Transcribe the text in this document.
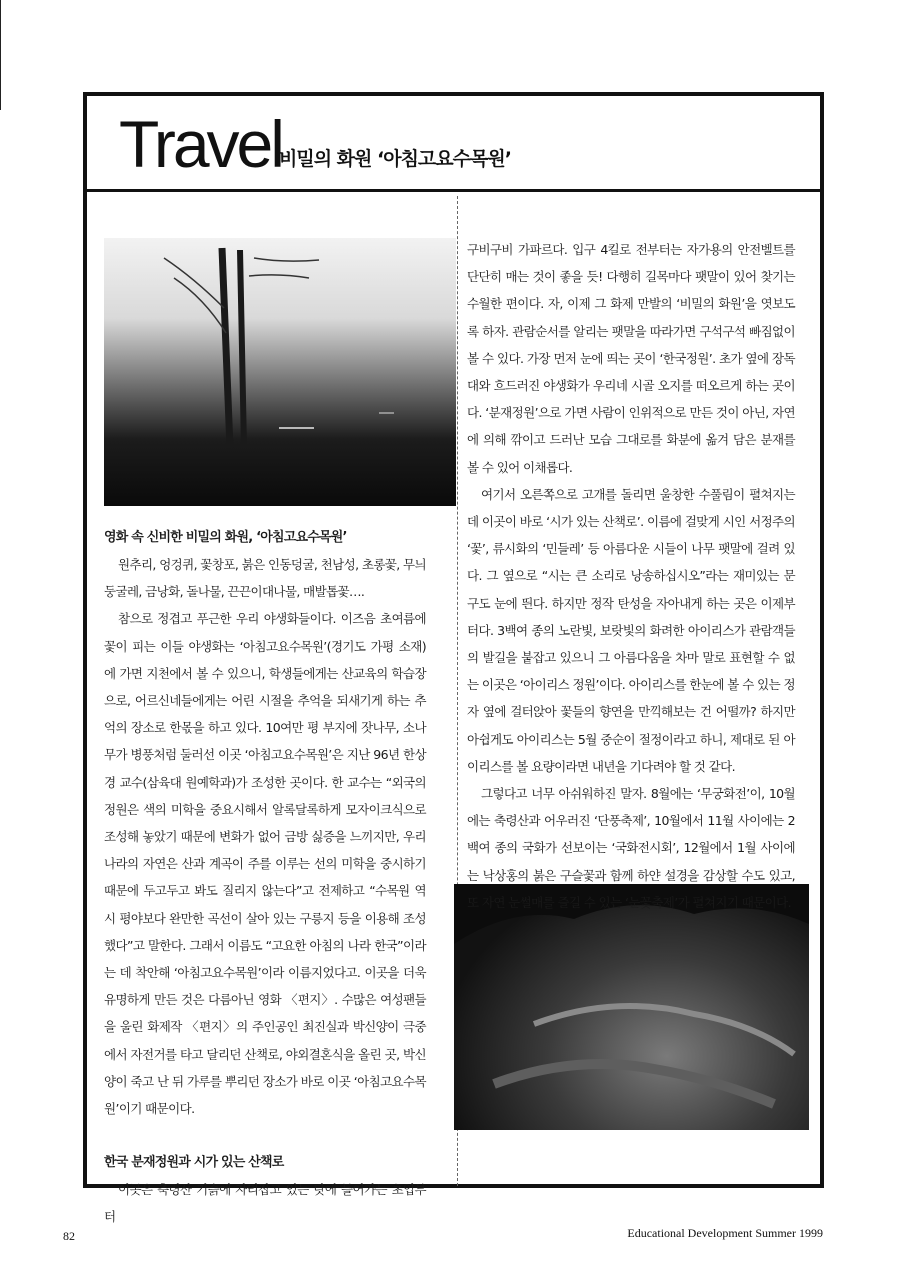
Travel
비밀의 화원 ‘아침고요수목원’
영화 속 신비한 비밀의 화원, ‘아침고요수목원’

원추리, 엉겅퀴, 꽃창포, 붉은 인동덩굴, 천남성, 초롱꽃, 무늬둥굴레, 금낭화, 돌나물, 끈끈이대나물, 매발톱꽃….

참으로 정겹고 푸근한 우리 야생화들이다. 이즈음 초여름에 꽃이 피는 이들 야생화는 ‘아침고요수목원’(경기도 가평 소재)에 가면 지천에서 볼 수 있으니, 학생들에게는 산교육의 학습장으로, 어르신네들에게는 어린 시절을 추억을 되새기게 하는 추억의 장소로 한몫을 하고 있다. 10여만 평 부지에 잣나무, 소나무가 병풍처럼 둘러선 이곳 ‘아침고요수목원’은 지난 96년 한상경 교수(삼육대 원예학과)가 조성한 곳이다. 한 교수는 “외국의 정원은 색의 미학을 중요시해서 알록달록하게 모자이크식으로 조성해 놓았기 때문에 변화가 없어 금방 싫증을 느끼지만, 우리나라의 자연은 산과 계곡이 주를 이루는 선의 미학을 중시하기 때문에 두고두고 봐도 질리지 않는다”고 전제하고 “수목원 역시 평야보다 완만한 곡선이 살아 있는 구릉지 등을 이용해 조성했다”고 말한다. 그래서 이름도 “고요한 아침의 나라 한국”이라는 데 착안해 ‘아침고요수목원’이라 이름지었다고. 이곳을 더욱 유명하게 만든 것은 다름아닌 영화 〈편지〉. 수많은 여성팬들을 울린 화제작 〈편지〉의 주인공인 최진실과 박신양이 극중에서 자전거를 타고 달리던 산책로, 야외결혼식을 올린 곳, 박신양이 죽고 난 뒤 가루를 뿌리던 장소가 바로 이곳 ‘아침고요수목원’이기 때문이다.

한국 분재정원과 시가 있는 산책로

이곳은 축령산 기슭에 자리잡고 있는 탓에 들어가는 초입부터

구비구비 가파르다. 입구 4킬로 전부터는 자가용의 안전벨트를 단단히 매는 것이 좋을 듯! 다행히 길목마다 팻말이 있어 찾기는 수월한 편이다. 자, 이제 그 화제 만발의 ‘비밀의 화원’을 엿보도록 하자. 관람순서를 알리는 팻말을 따라가면 구석구석 빠짐없이 볼 수 있다. 가장 먼저 눈에 띄는 곳이 ‘한국정원’. 초가 옆에 장독대와 흐드러진 야생화가 우리네 시골 오지를 떠오르게 하는 곳이다. ‘분재정원’으로 가면 사람이 인위적으로 만든 것이 아닌, 자연에 의해 깎이고 드러난 모습 그대로를 화분에 옮겨 담은 분재를 볼 수 있어 이채롭다.

여기서 오른쪽으로 고개를 돌리면 울창한 수풀림이 펼쳐지는데 이곳이 바로 ‘시가 있는 산책로’. 이름에 걸맞게 시인 서정주의 ‘꽃’, 류시화의 ‘민들레’ 등 아름다운 시들이 나무 팻말에 걸려 있다. 그 옆으로 “시는 큰 소리로 낭송하십시오”라는 재미있는 문구도 눈에 띈다. 하지만 정작 탄성을 자아내게 하는 곳은 이제부터다. 3백여 종의 노란빛, 보랏빛의 화려한 아이리스가 관람객들의 발길을 붙잡고 있으니 그 아름다움을 차마 말로 표현할 수 없는 이곳은 ‘아이리스 정원’이다. 아이리스를 한눈에 볼 수 있는 정자 옆에 걸터앉아 꽃들의 향연을 만끽해보는 건 어떨까? 하지만 아쉽게도 아이리스는 5월 중순이 절정이라고 하니, 제대로 된 아이리스를 볼 요량이라면 내년을 기다려야 할 것 같다.

그렇다고 너무 아쉬워하진 말자. 8월에는 ‘무궁화전’이, 10월에는 축령산과 어우러진 ‘단풍축제’, 10월에서 11월 사이에는 2백여 종의 국화가 선보이는 ‘국화전시회’, 12월에서 1월 사이에는 낙상홍의 붉은 구슬꽃과 함께 하얀 설경을 감상할 수도 있고, 또 자연 눈썰매를 즐길 수 있는 ‘눈꽃축제’가 펼쳐지기 때문이다.

82	Educational Development Summer 1999
